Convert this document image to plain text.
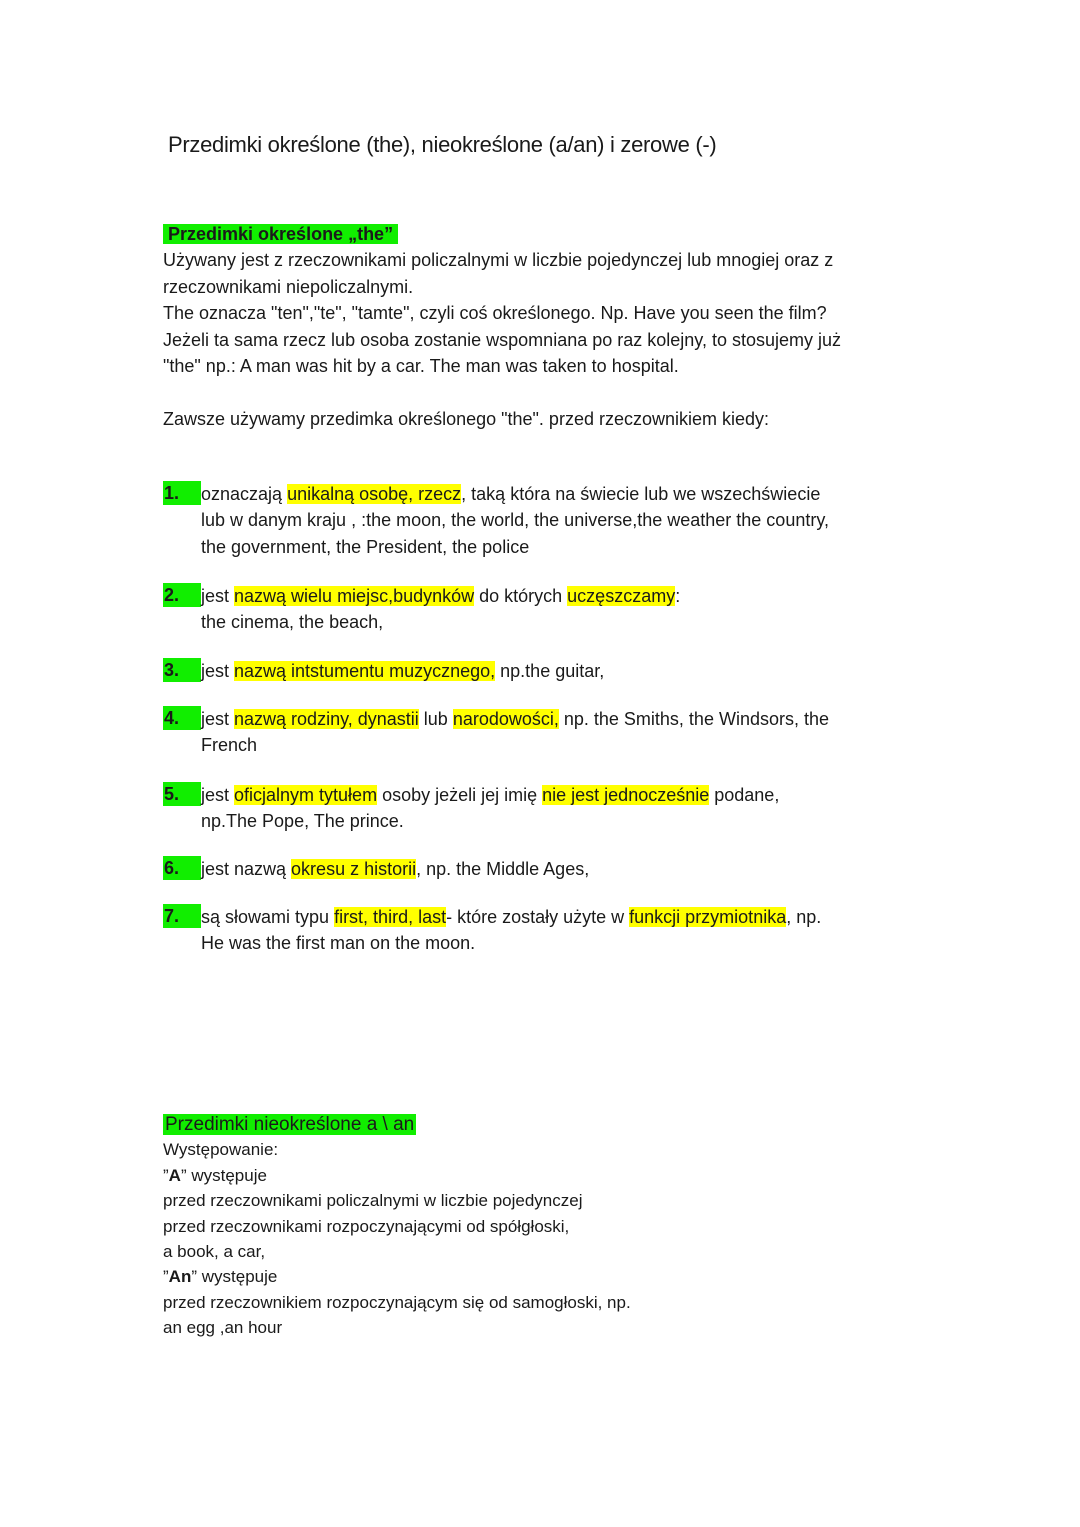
Przedimki określone (the), nieokreślone (a/an) i zerowe (-)
Przedimki określone „the”
Używany jest z rzeczownikami policzalnymi w liczbie pojedynczej lub mnogiej oraz z
rzeczownikami niepoliczalnymi.
The oznacza "ten","te", "tamte", czyli coś określonego. Np. Have you seen the film?
Jeżeli ta sama rzecz lub osoba zostanie wspomniana po raz kolejny, to stosujemy już
"the" np.: A man was hit by a car. The man was taken to hospital.
Zawsze używamy przedimka określonego "the". przed rzeczownikiem kiedy:
1.	oznaczają unikalną osobę, rzecz, taką która na świecie lub we wszechświecie
lub w danym kraju , :the moon, the world, the universe,the weather the country,
the government, the President, the police
2.	jest nazwą wielu miejsc,budynków do których uczęszczamy:
the cinema, the beach,
3.	jest nazwą intstumentu muzycznego, np.the guitar,
4.	jest nazwą rodziny, dynastii lub narodowości, np. the Smiths, the Windsors, the
French
5.	jest oficjalnym tytułem osoby jeżeli jej imię nie jest jednocześnie podane,
np.The Pope, The prince.
6.	jest nazwą okresu z historii, np. the Middle Ages,
7.	są słowami typu first, third, last- które zostały użyte w funkcji przymiotnika, np.
He was the first man on the moon.
Przedimki nieokreślone a \ an
Występowanie:
”A” występuje
przed rzeczownikami policzalnymi w liczbie pojedynczej
przed rzeczownikami rozpoczynającymi od spółgłoski,
a book, a car,
”An” występuje
przed rzeczownikiem rozpoczynającym się od samogłoski, np.
an egg ,an hour
